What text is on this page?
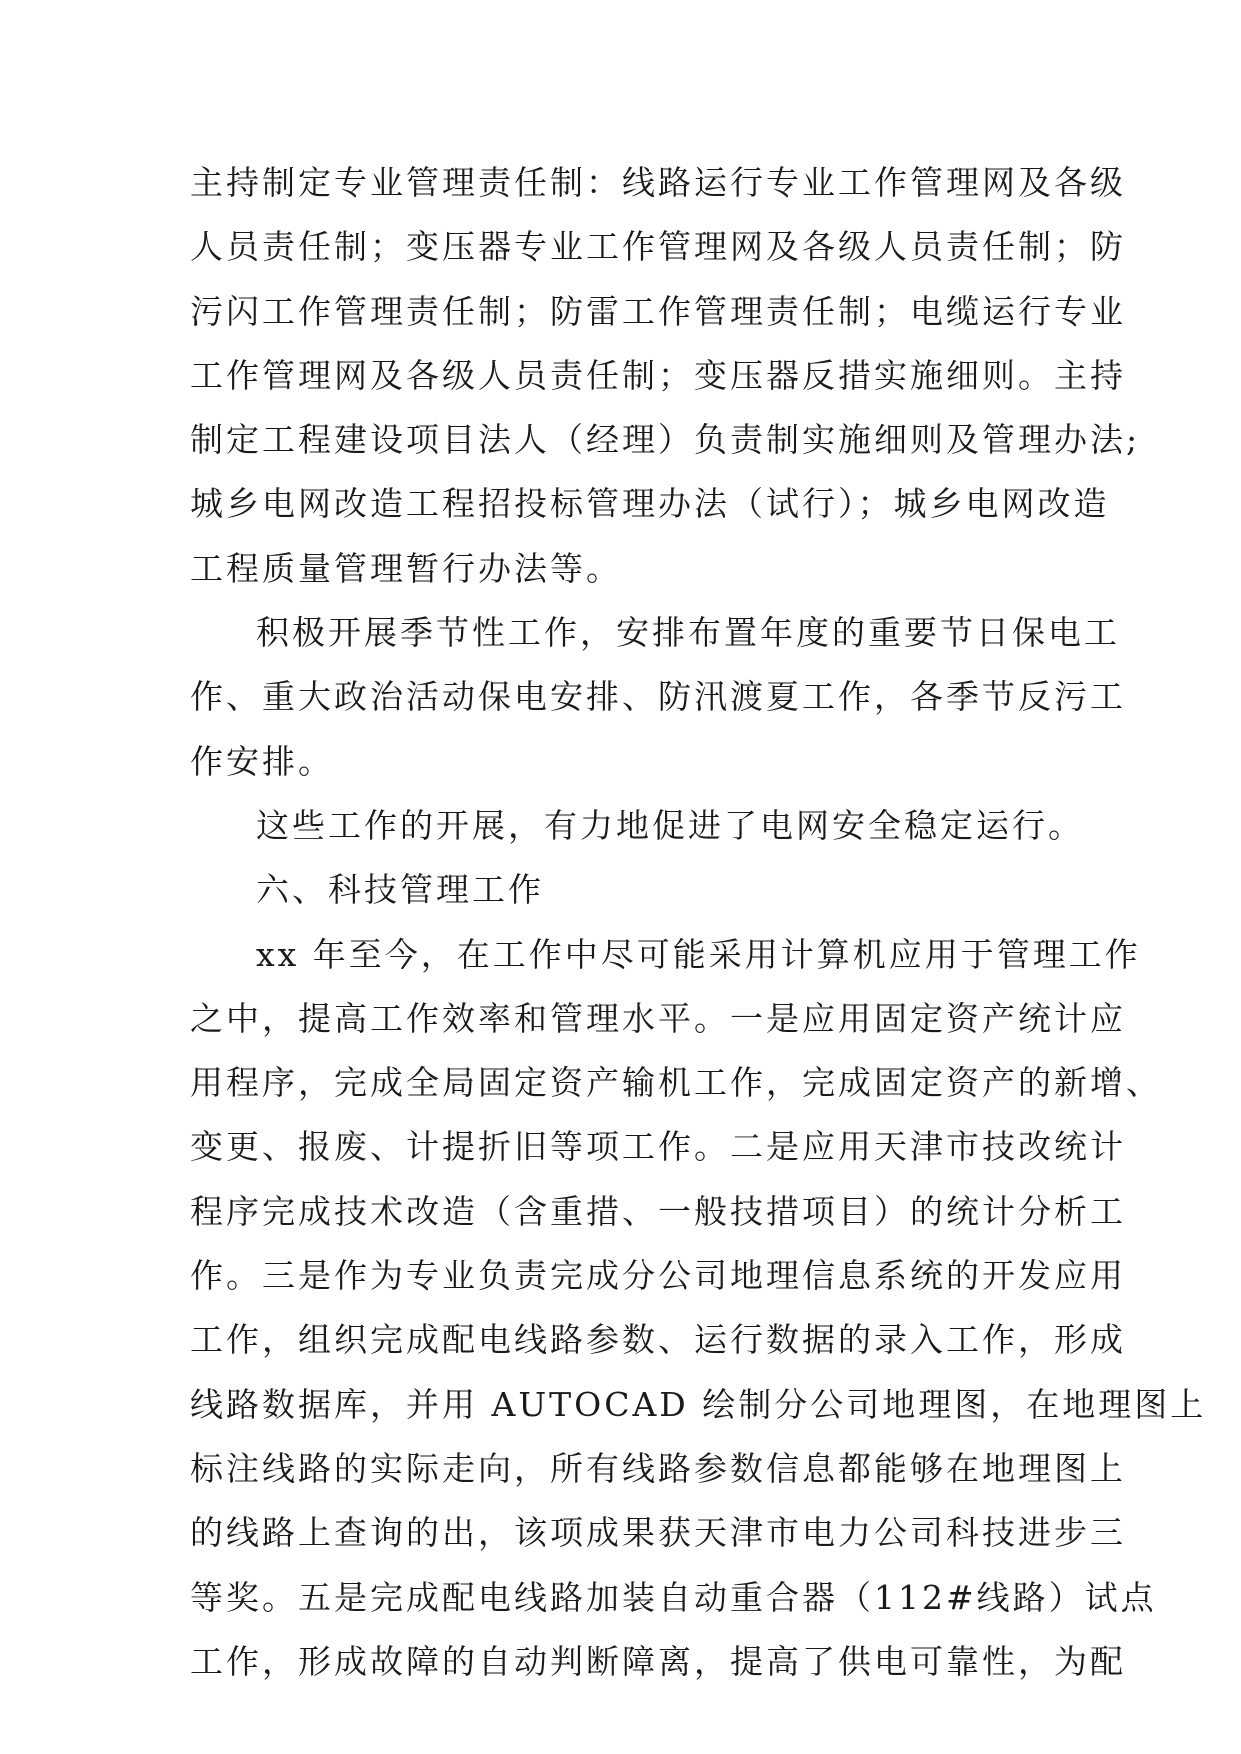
主持制定专业管理责任制：线路运行专业工作管理网及各级
人员责任制；变压器专业工作管理网及各级人员责任制；防
污闪工作管理责任制；防雷工作管理责任制；电缆运行专业
工作管理网及各级人员责任制；变压器反措实施细则。主持
制定工程建设项目法人（经理）负责制实施细则及管理办法;
城乡电网改造工程招投标管理办法（试行）；城乡电网改造
工程质量管理暂行办法等。
积极开展季节性工作，安排布置年度的重要节日保电工
作、重大政治活动保电安排、防汛渡夏工作，各季节反污工
作安排。
这些工作的开展，有力地促进了电网安全稳定运行。
六、科技管理工作
xx 年至今，在工作中尽可能采用计算机应用于管理工作
之中，提高工作效率和管理水平。一是应用固定资产统计应
用程序，完成全局固定资产输机工作，完成固定资产的新增、
变更、报废、计提折旧等项工作。二是应用天津市技改统计
程序完成技术改造（含重措、一般技措项目）的统计分析工
作。三是作为专业负责完成分公司地理信息系统的开发应用
工作，组织完成配电线路参数、运行数据的录入工作，形成
线路数据库，并用 AUTOCAD 绘制分公司地理图，在地理图上
标注线路的实际走向，所有线路参数信息都能够在地理图上
的线路上查询的出，该项成果获天津市电力公司科技进步三
等奖。五是完成配电线路加装自动重合器（112#线路）试点
工作，形成故障的自动判断障离，提高了供电可靠性，为配
